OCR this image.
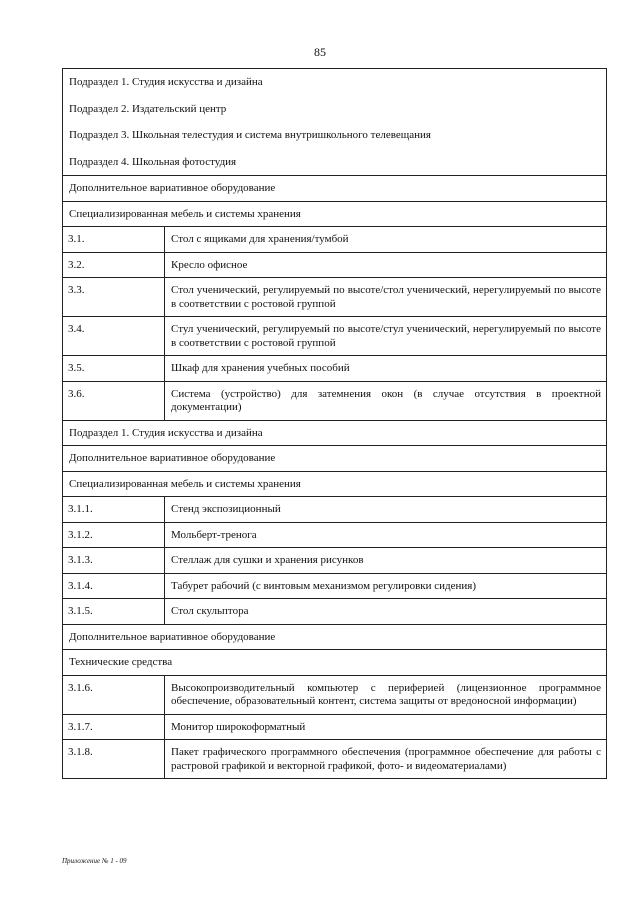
85
Подраздел 1. Студия искусства и дизайна	
Подраздел 2. Издательский центр	
Подраздел 3. Школьная телестудия и система внутришкольного телевещания	
Подраздел 4. Школьная фотостудия	
Дополнительное вариативное оборудование	
Специализированная мебель и системы хранения	
3.1.	Стол с ящиками для хранения/тумбой
3.2.	Кресло офисное
3.3.	Стол ученический, регулируемый по высоте/стол ученический, нерегулируемый по высоте в соответствии с ростовой группой
3.4.	Стул ученический, регулируемый по высоте/стул ученический, нерегулируемый по высоте в соответствии с ростовой группой
3.5.	Шкаф для хранения учебных пособий
3.6.	Система (устройство) для затемнения окон (в случае отсутствия в проектной документации)
Подраздел 1. Студия искусства и дизайна	
Дополнительное вариативное оборудование	
Специализированная мебель и системы хранения	
3.1.1.	Стенд экспозиционный
3.1.2.	Мольберт-тренога
3.1.3.	Стеллаж для сушки и хранения рисунков
3.1.4.	Табурет рабочий (с винтовым механизмом регулировки сидения)
3.1.5.	Стол скульптора
Дополнительное вариативное оборудование	
Технические средства	
3.1.6.	Высокопроизводительный компьютер с периферией (лицензионное программное обеспечение, образовательный контент, система защиты от вредоносной информации)
3.1.7.	Монитор широкоформатный
3.1.8.	Пакет графического программного обеспечения (программное обеспечение для работы с растровой графикой и векторной графикой, фото- и видеоматериалами)
Приложение № 1 - 09
